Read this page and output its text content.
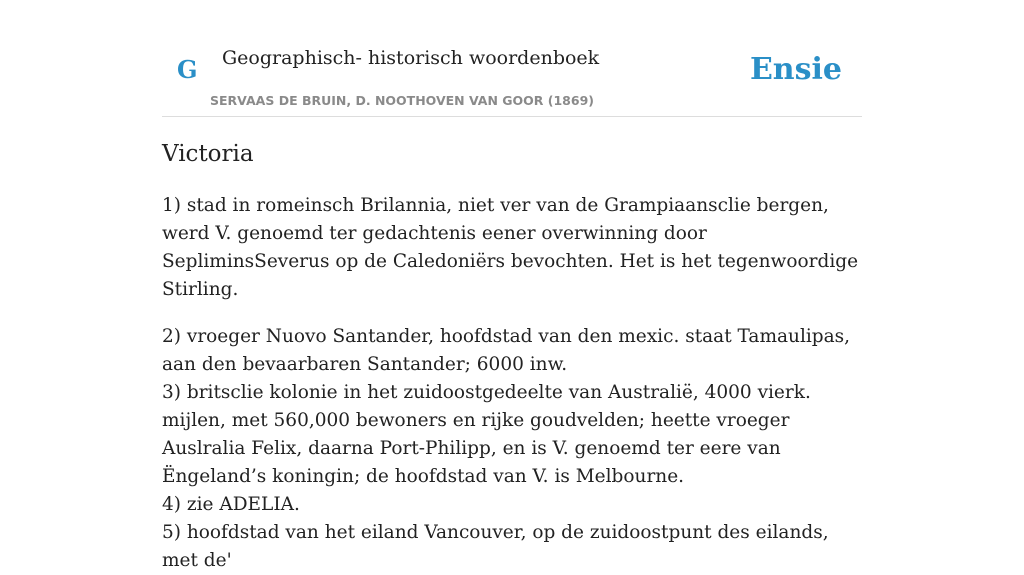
G Geographisch- historisch woordenboek
SERVAAS DE BRUIN, D. NOOTHOVEN VAN GOOR (1869)
Ensie
Victoria

1) stad in romeinsch Brilannia, niet ver van de Grampiaansclie bergen, werd V. genoemd ter gedachtenis eener overwinning door SepliminsSeverus op de Caledoniërs bevochten. Het is het tegenwoordige Stirling.

2) vroeger Nuovo Santander, hoofdstad van den mexic. staat Tamaulipas, aan den bevaarbaren Santander; 6000 inw.
3) britsclie kolonie in het zuidoostgedeelte van Australië, 4000 vierk. mijlen, met 560,000 bewoners en rijke goudvelden; heette vroeger Auslralia Felix, daarna Port-Philipp, en is V. genoemd ter eere van Ëngeland’s koningin; de hoofdstad van V. is Melbourne.
4) zie ADELIA.
5) hoofdstad van het eiland Vancouver, op de zuidoostpunt des eilands, met de'
